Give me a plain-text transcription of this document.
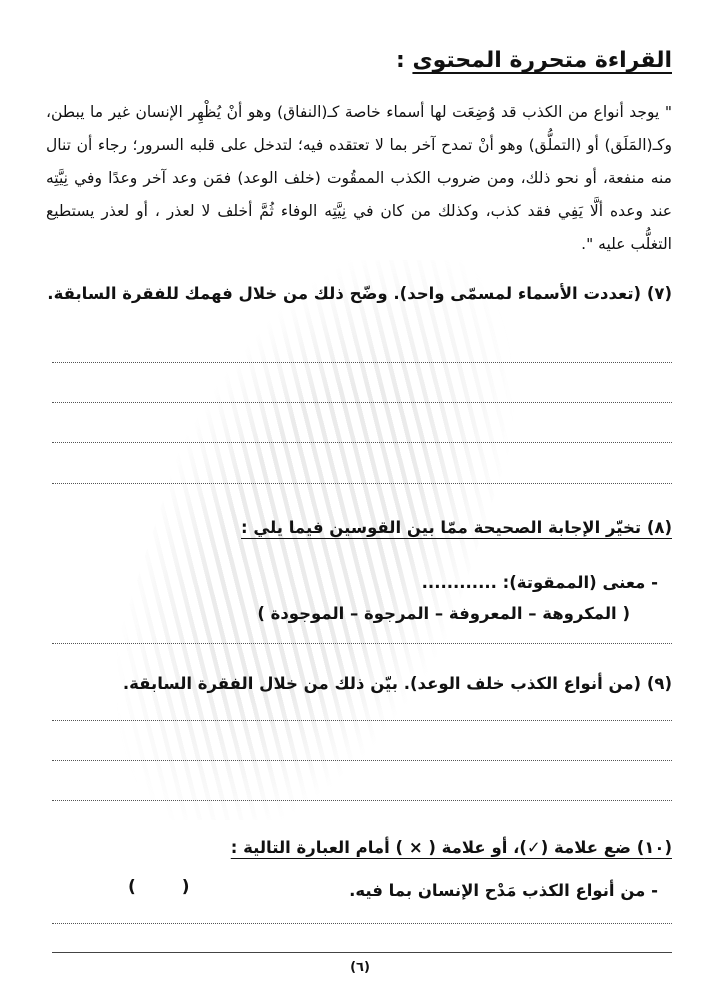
القراءة متحررة المحتوى :
" يوجد أنواع من الكذب قد وُضِعَت لها أسماء خاصة كـ(النفاق) وهو أنْ يُظْهِر الإنسان غير ما يبطن، وكـ(المَلَق) أو (التملُّق) وهو أنْ تمدح آخر بما لا تعتقده فيه؛ لتدخل على قلبه السرور؛ رجاء أن تنال منه منفعة، أو نحو ذلك، ومن ضروب الكذب الممقُوت (خلف الوعد) فمَن وعد آخر وعدًا وفي نِيَّتِه عند وعده ألَّا يَفِي فقد كذب، وكذلك من كان في نِيَّتِه الوفاء ثُمَّ أخلف لا لعذر ، أو لعذر يستطيع التغلُّب عليه ".
(٧) (تعددت الأسماء لمسمّى واحد). وضّح ذلك من خلال فهمك للفقرة السابقة.
(٨) تخيّر الإجابة الصحيحة ممّا بين القوسين فيما يلي :
- معنى (الممقوتة): ............
( المكروهة – المعروفة – المرجوة – الموجودة )
(٩) (من أنواع الكذب خلف الوعد). بيّن ذلك من خلال الفقرة السابقة.
(١٠) ضع علامة (✓)، أو علامة ( × ) أمام العبارة التالية :
- من أنواع الكذب مَدْح الإنسان بما فيه.
( )
(٦)
